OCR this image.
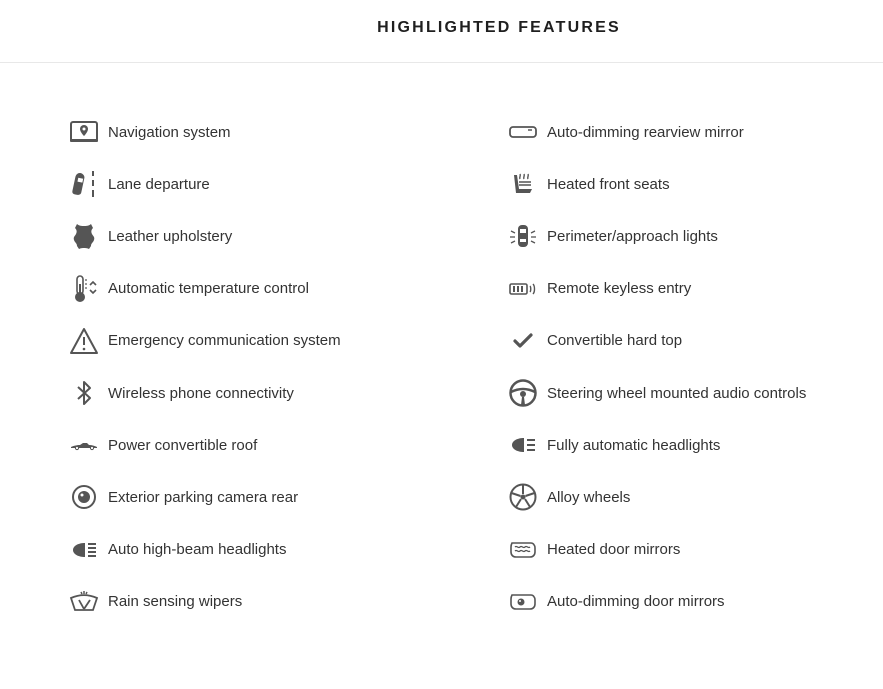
HIGHLIGHTED FEATURES
Navigation system
Lane departure
Leather upholstery
Automatic temperature control
Emergency communication system
Wireless phone connectivity
Power convertible roof
Exterior parking camera rear
Auto high-beam headlights
Rain sensing wipers
Auto-dimming rearview mirror
Heated front seats
Perimeter/approach lights
Remote keyless entry
Convertible hard top
Steering wheel mounted audio controls
Fully automatic headlights
Alloy wheels
Heated door mirrors
Auto-dimming door mirrors
